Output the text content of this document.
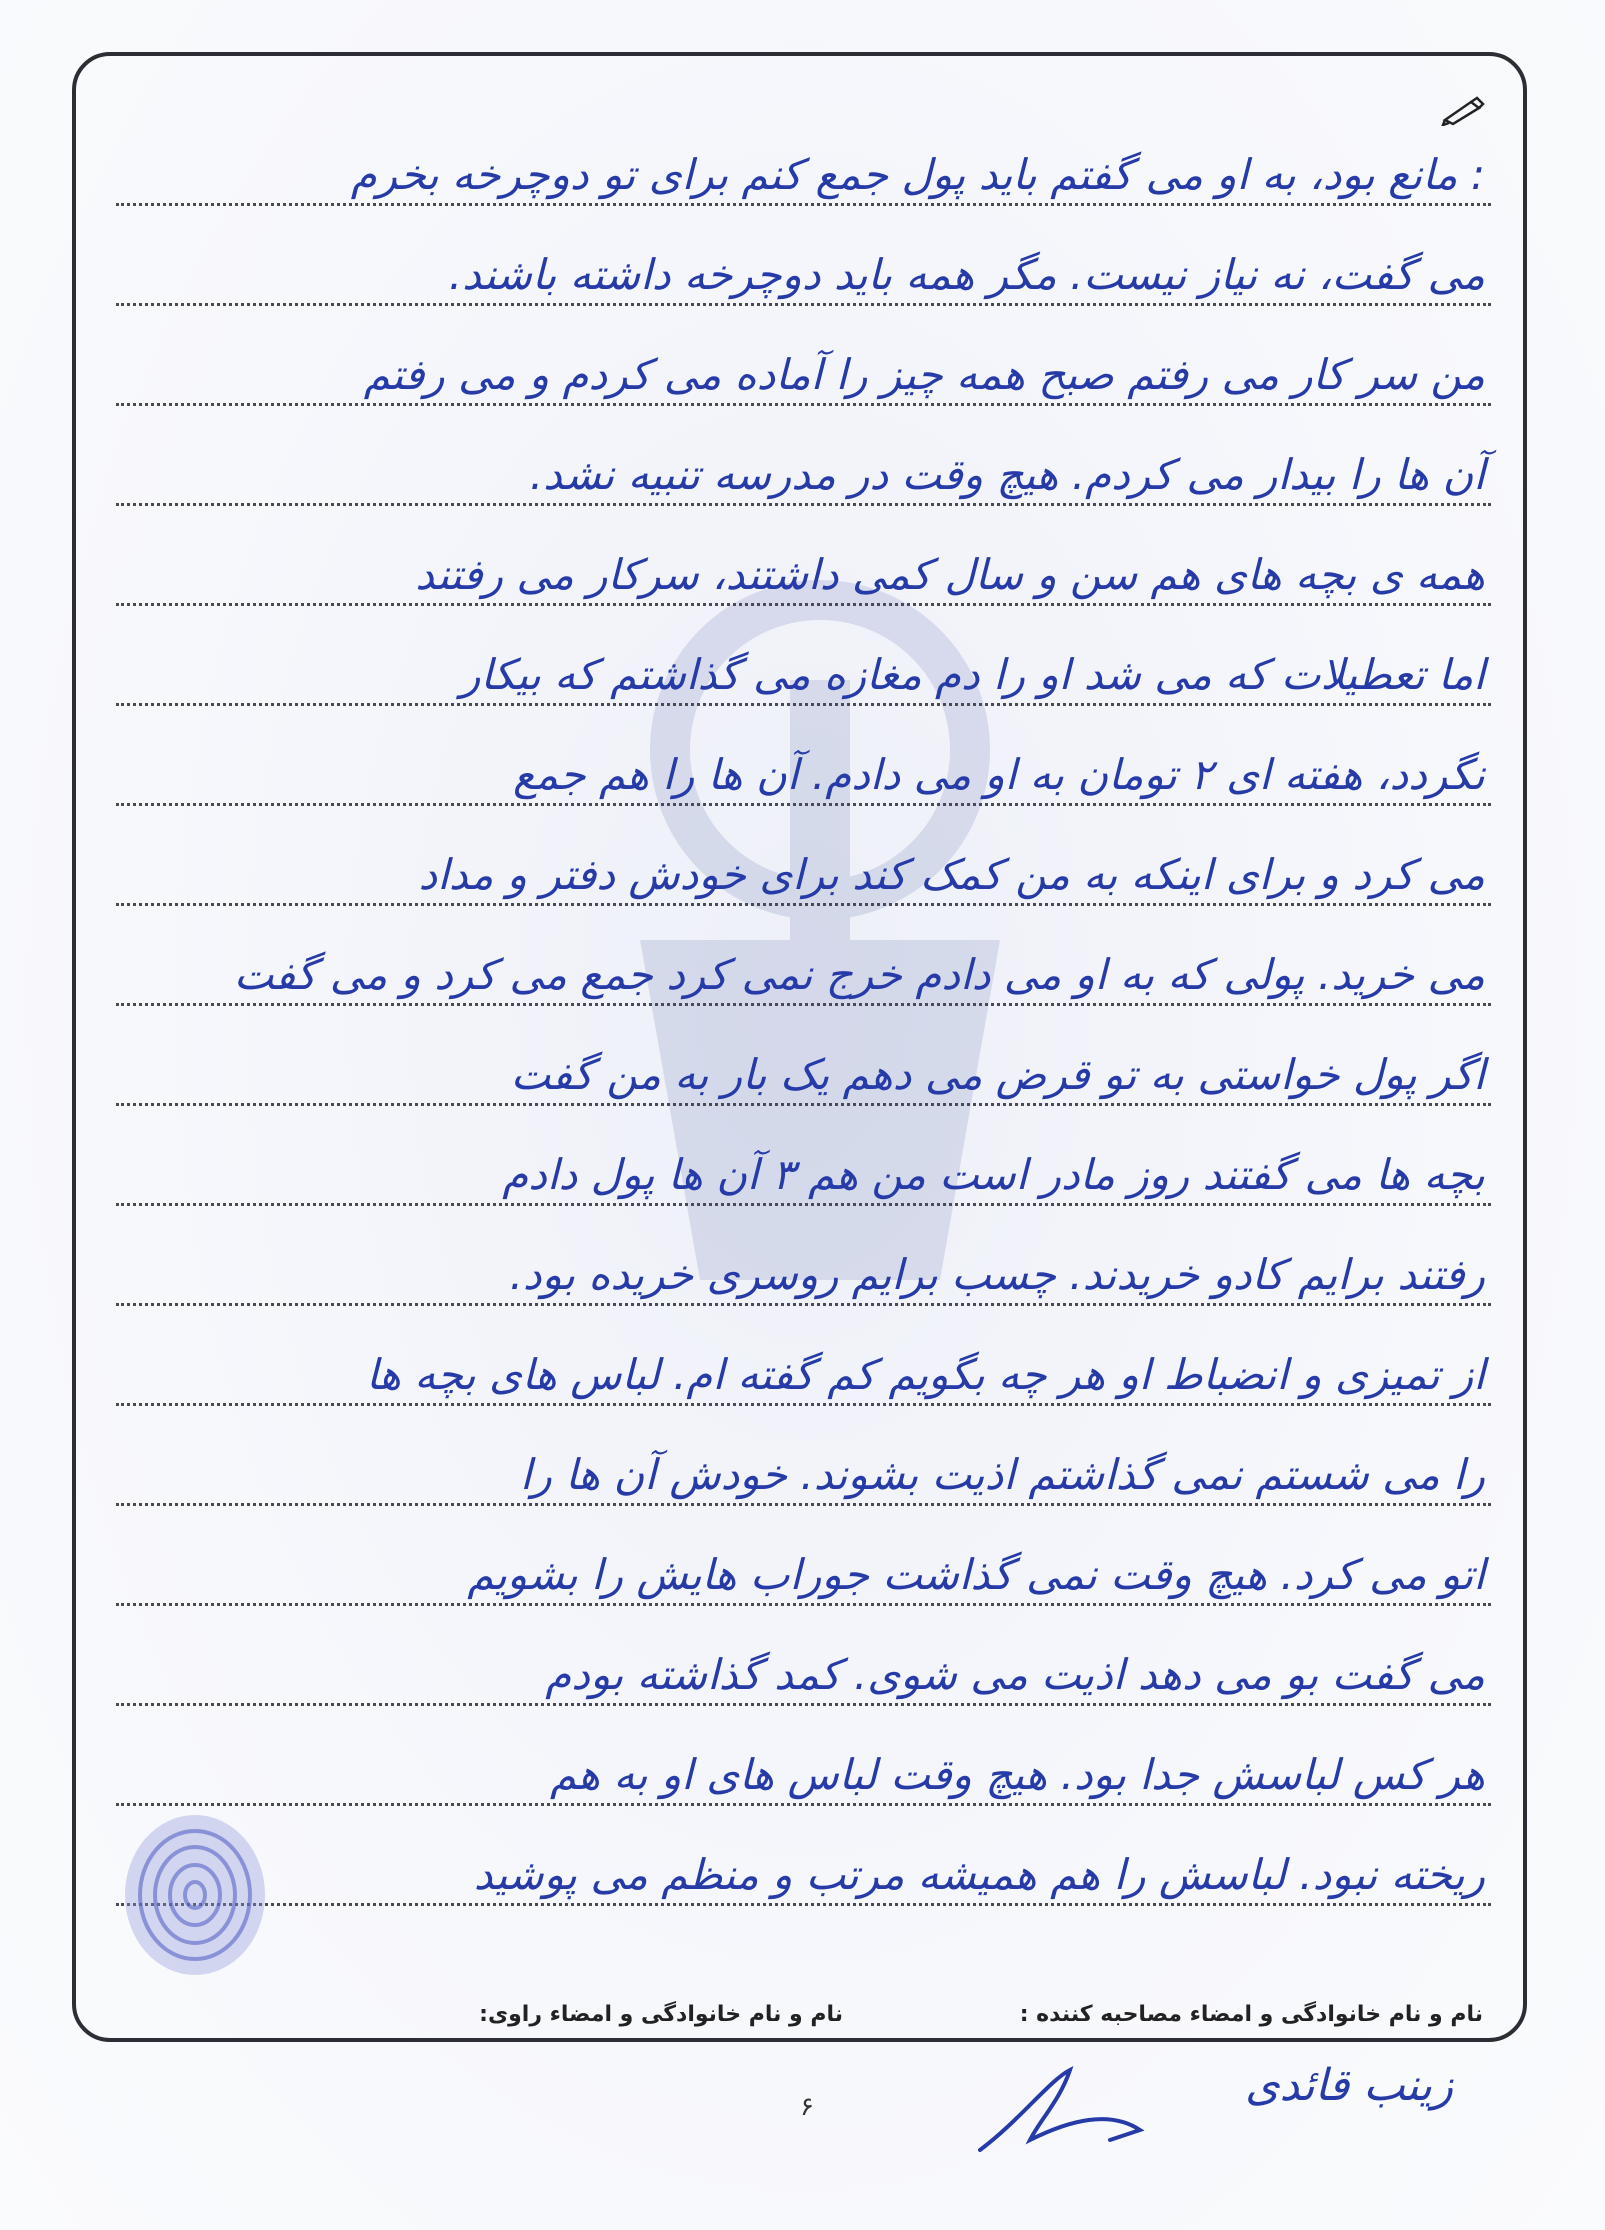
: مانع بود، به او می گفتم باید پول جمع کنم برای تو دوچرخه بخرم
می گفت، نه نیاز نیست. مگر همه باید دوچرخه داشته باشند.
من سر کار می رفتم صبح همه چیز را آماده می کردم و می رفتم
آن ها را بیدار می کردم. هیچ وقت در مدرسه تنبیه نشد.
همه ی بچه های هم سن و سال کمی داشتند، سرکار می رفتند
اما تعطیلات که می شد او را دم مغازه می گذاشتم که بیکار
نگردد، هفته ای ۲ تومان به او می دادم. آن ها را هم جمع
می کرد و برای اینکه به من کمک کند برای خودش دفتر و مداد
می خرید. پولی که به او می دادم خرج نمی کرد جمع می کرد و می گفت
اگر پول خواستی به تو قرض می دهم یک بار به من گفت
بچه ها می گفتند روز مادر است من هم ۳ آن ها پول دادم
رفتند برایم کادو خریدند. چسب برایم روسری خریده بود.
از تمیزی و انضباط او هر چه بگویم کم گفته ام. لباس های بچه ها
را می شستم نمی گذاشتم اذیت بشوند. خودش آن ها را
اتو می کرد. هیچ وقت نمی گذاشت جوراب هایش را بشویم
می گفت بو می دهد اذیت می شوی. کمد گذاشته بودم
هر کس لباسش جدا بود. هیچ وقت لباس های او به هم
ریخته نبود. لباسش را هم همیشه مرتب و منظم می پوشید
نام و نام خانوادگی و امضاء مصاحبه کننده :
نام و نام خانوادگی و امضاء راوی:
۶	زینب قائدی
